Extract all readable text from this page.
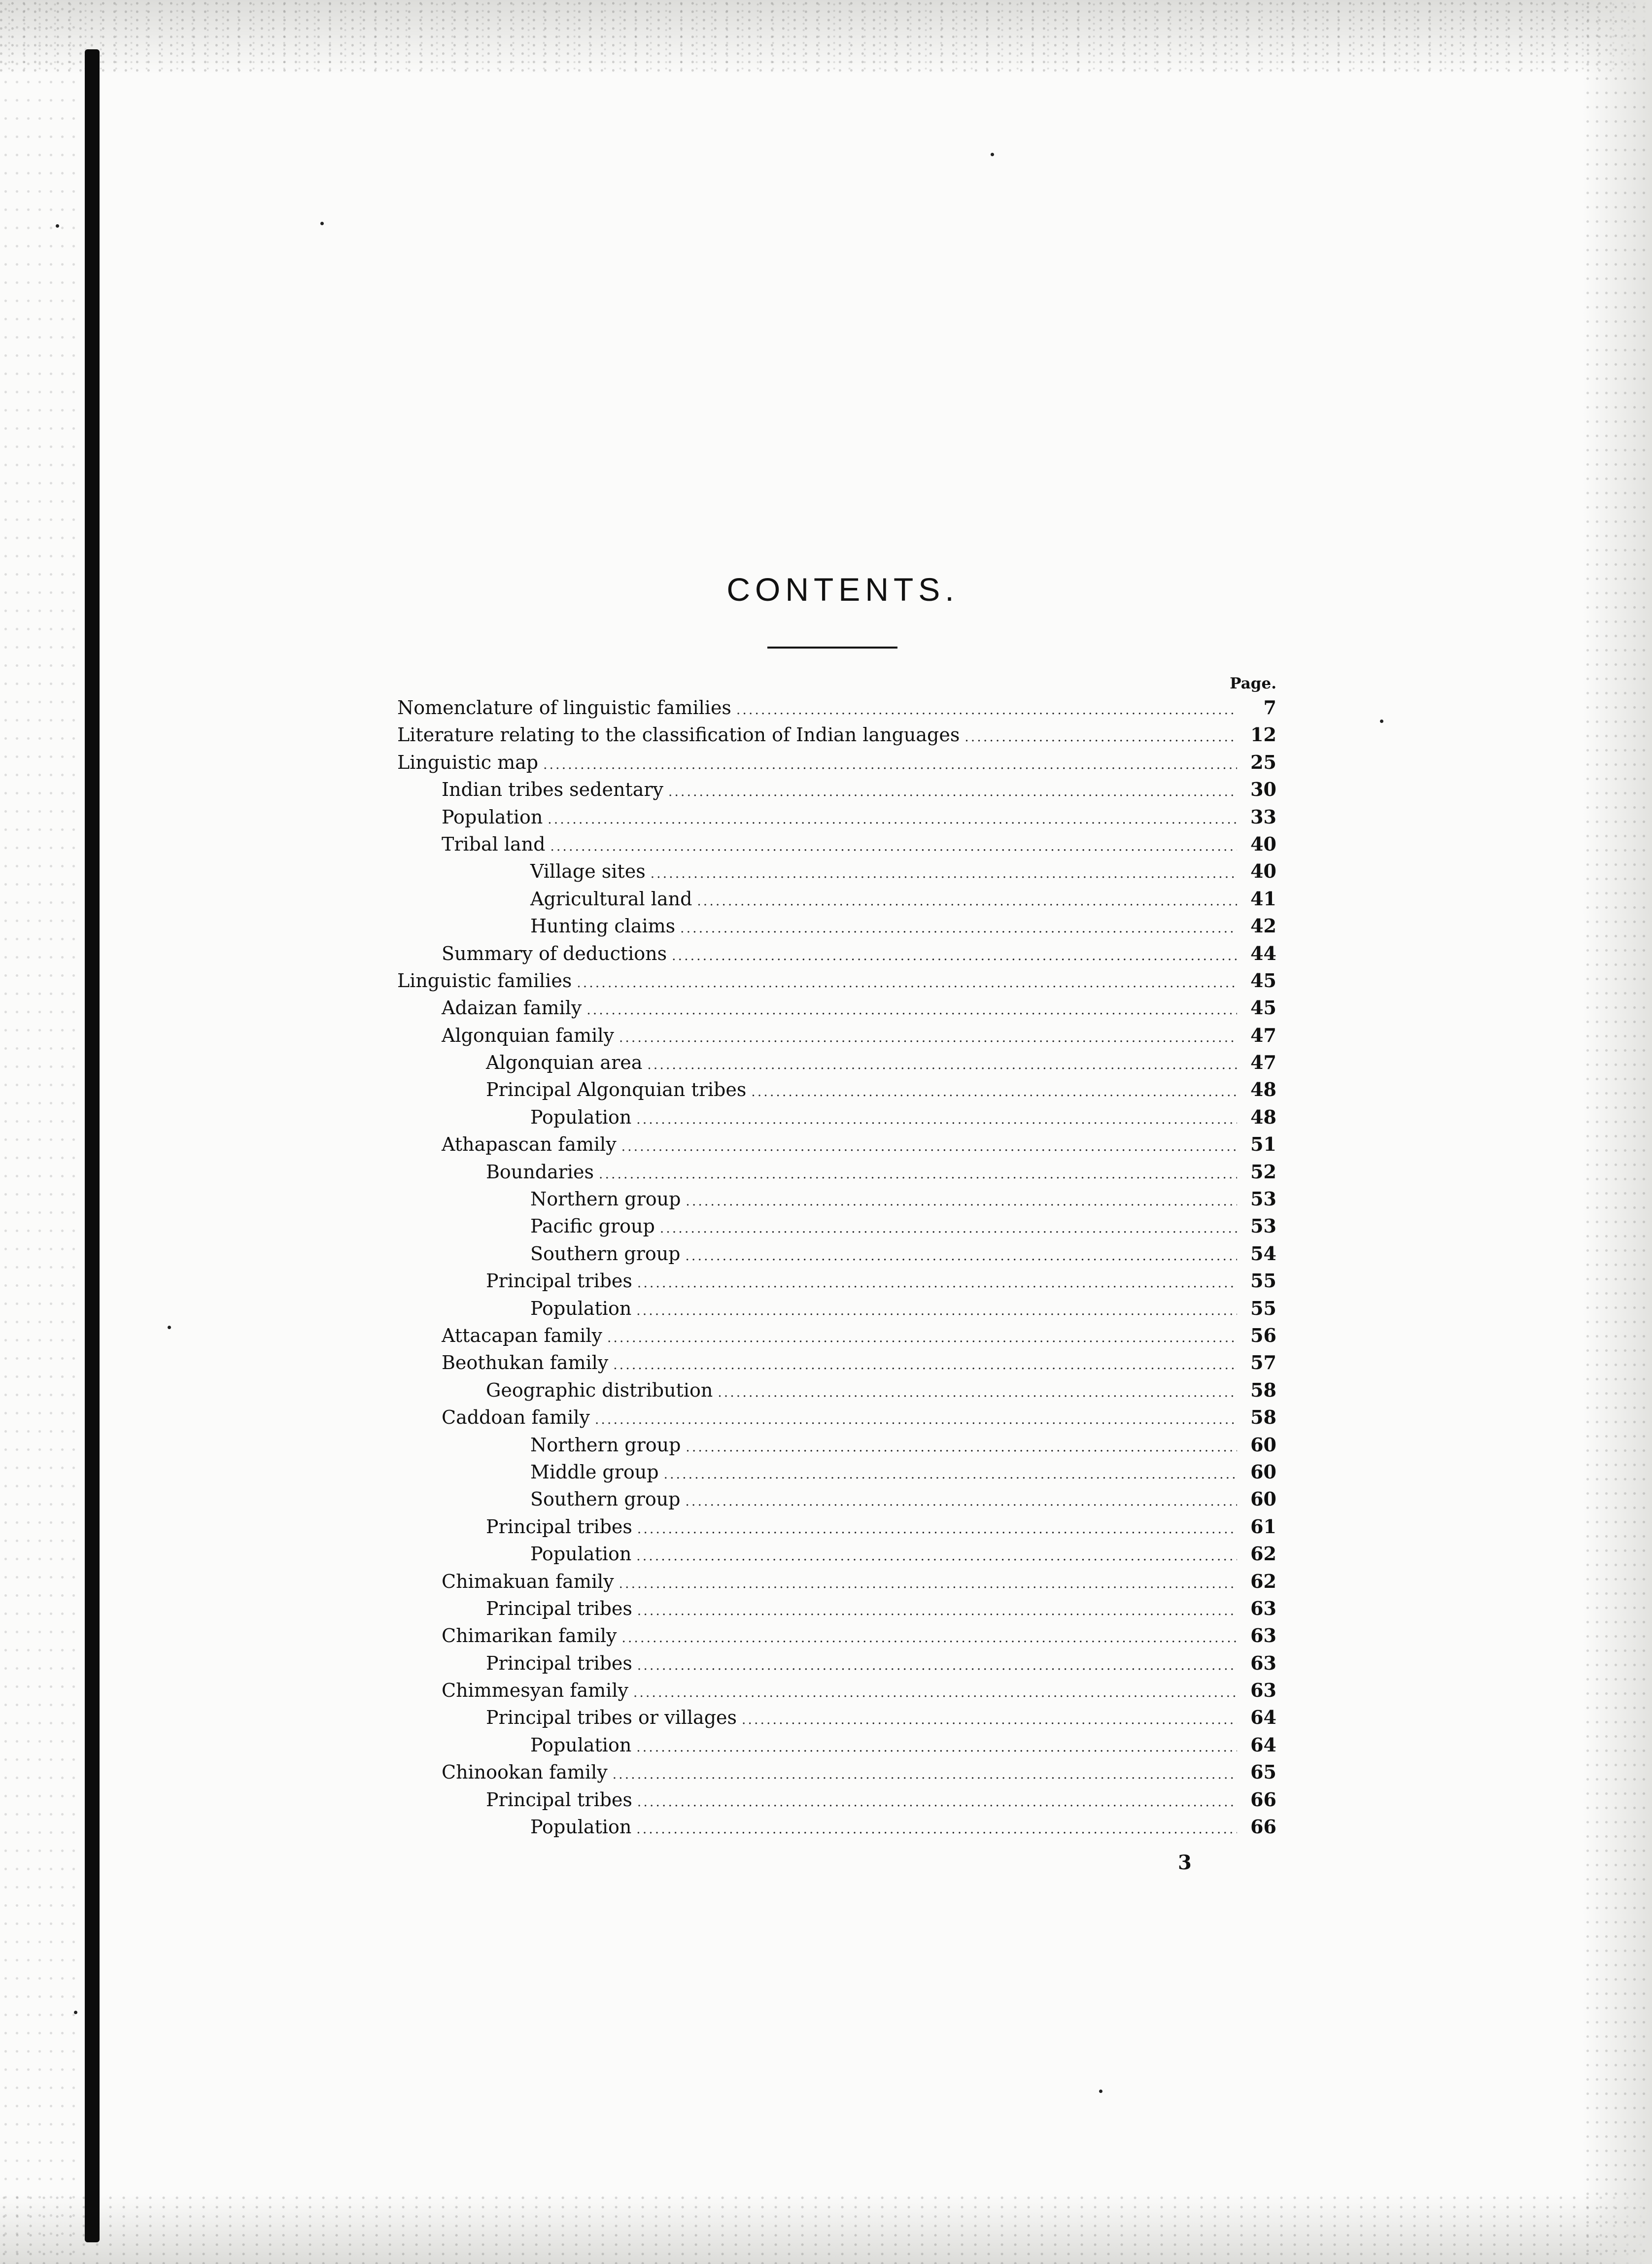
CONTENTS.
Page.
Nomenclature of linguistic families . . .	7
Literature relating to the classification of Indian languages . . .	12
Linguistic map . . .	25
Indian tribes sedentary . . .	30
Population . . .	33
Tribal land . . .	40
Village sites . . .	40
Agricultural land . . .	41
Hunting claims . . .	42
Summary of deductions . . .	44
Linguistic families . . .	45
Adaizan family . . .	45
Algonquian family . . .	47
Algonquian area . . .	47
Principal Algonquian tribes . . .	48
Population . . .	48
Athapascan family . . .	51
Boundaries . . .	52
Northern group . . .	53
Pacific group . . .	53
Southern group . . .	54
Principal tribes . . .	55
Population . . .	55
Attacapan family . . .	56
Beothukan family . . .	57
Geographic distribution . . .	58
Caddoan family . . .	58
Northern group . . .	60
Middle group . . .	60
Southern group . . .	60
Principal tribes . . .	61
Population . . .	62
Chimakuan family . . .	62
Principal tribes . . .	63
Chimarikan family . . .	63
Principal tribes . . .	63
Chimmesyan family . . .	63
Principal tribes or villages . . .	64
Population . . .	64
Chinookan family . . .	65
Principal tribes . . .	66
Population . . .	66
3
